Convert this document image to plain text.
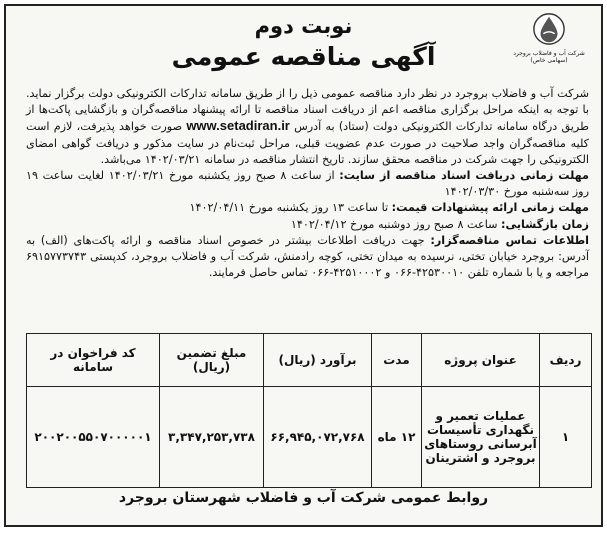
شرکت آب و فاضلاب بروجرد
(سهامی خاص)
نوبت دوم
آگهی مناقصه عمومی

شرکت آب و فاضلاب بروجرد در نظر دارد مناقصه عمومی ذیل را از طریق سامانه تدارکات الکترونیکی دولت برگزار نماید. با توجه به اینکه مراحل برگزاری مناقصه اعم از دریافت اسناد مناقصه تا ارائه پیشنهاد مناقصه‌گران و بازگشایی پاکت‌ها از طریق درگاه سامانه تدارکات الکترونیکی دولت (ستاد) به آدرس www.setadiran.ir صورت خواهد پذیرفت، لازم است کلیه مناقصه‌گران واجد صلاحیت در صورت عدم عضویت قبلی، مراحل ثبت‌نام در سایت مذکور و دریافت گواهی امضای الکترونیکی را جهت شرکت در مناقصه محقق سازند. تاریخ انتشار مناقصه در سامانه ۱۴۰۲/۰۳/۲۱ می‌باشد.

مهلت زمانی دریافت اسناد مناقصه از سایت: از ساعت ۸ صبح روز یکشنبه مورخ ۱۴۰۲/۰۳/۲۱ لغایت ساعت ۱۹ روز سه‌شنبه مورخ ۱۴۰۲/۰۳/۳۰

مهلت زمانی ارائه پیشنهادات قیمت: تا ساعت ۱۳ روز یکشنبه مورخ ۱۴۰۲/۰۴/۱۱

زمان بازگشایی: ساعت ۸ صبح روز دوشنبه مورخ ۱۴۰۲/۰۴/۱۲

اطلاعات تماس مناقصه‌گزار: جهت دریافت اطلاعات بیشتر در خصوص اسناد مناقصه و ارائه پاکت‌های (الف) به آدرس: بروجرد خیابان تختی، نرسیده به میدان تختی، کوچه رادمنش، شرکت آب و فاضلاب بروجرد، کدپستی ۶۹۱۵۷۷۳۷۴۳ مراجعه و یا با شماره تلفن ۴۲۵۳۰۰۱۰-۰۶۶ و ۴۲۵۱۰۰۰۲-۰۶۶ تماس حاصل فرمایند.

ردیف	عنوان پروژه	مدت	برآورد (ریال)	مبلغ تضمین (ریال)	کد فراخوان در سامانه
۱	عملیات تعمیر و نگهداری تأسیسات آبرسانی روستاهای بروجرد و اشترینان	۱۲ ماه	۶۶,۹۴۵,۰۷۲,۷۶۸	۳,۳۴۷,۲۵۳,۷۳۸	۲۰۰۲۰۰۵۵۰۷۰۰۰۰۰۱
روابط عمومی شرکت آب و فاضلاب شهرستان بروجرد
